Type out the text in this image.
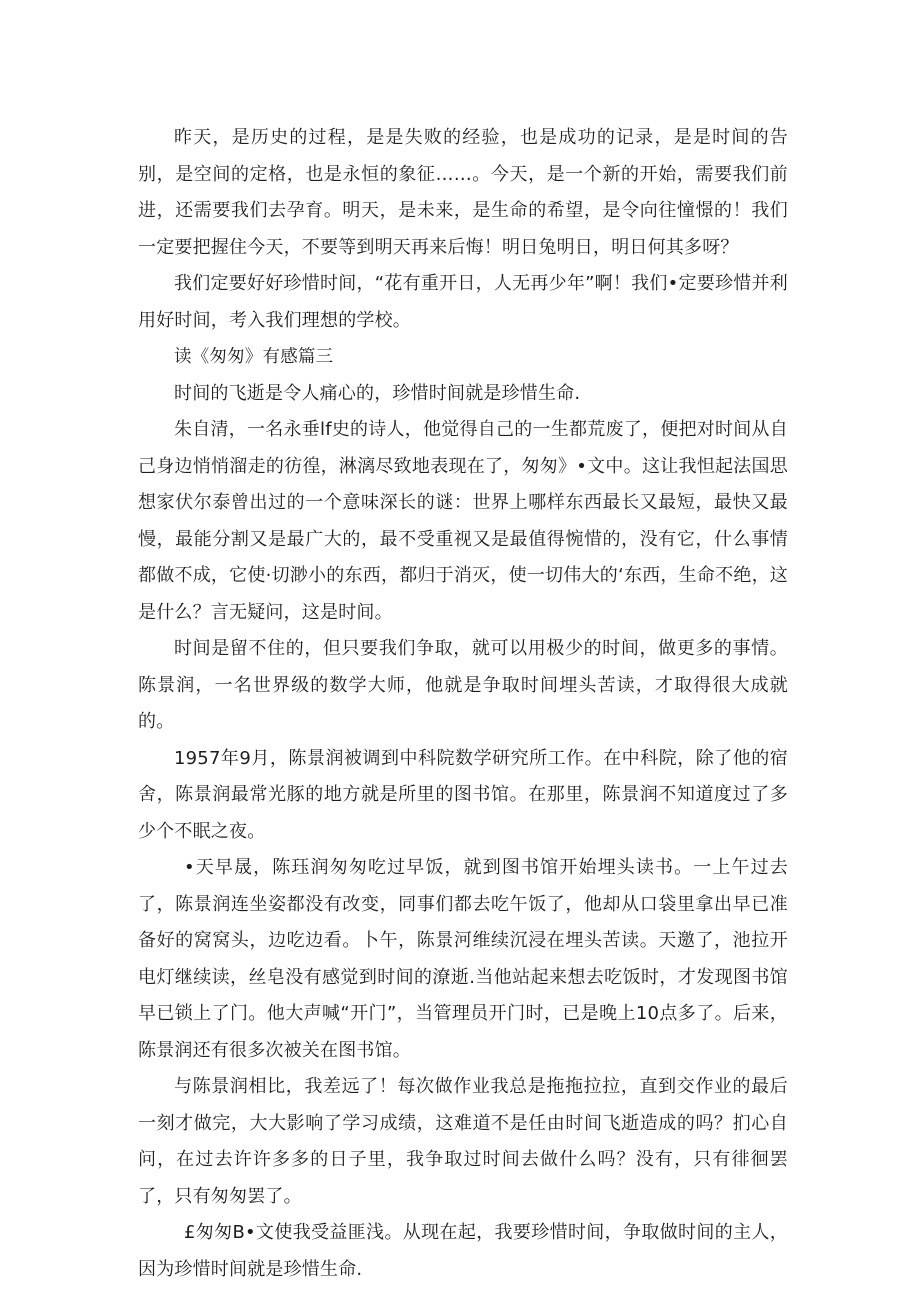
昨天，是历史的过程，是是失败的经验，也是成功的记录，是是时间的告别，是空间的定格，也是永恒的象征……。今天，是一个新的开始，需要我们前进，还需要我们去孕育。明天，是未来，是生命的希望，是令向往憧憬的！我们一定要把握住今天，不要等到明天再来后悔！明日兔明日，明日何其多呀？

我们定要好好珍惜时间，“花有重开日，人无再少年”啊！我们•定要珍惜并利用好时间，考入我们理想的学校。

读《匆匆》有感篇三

时间的飞逝是令人痛心的，珍惜时间就是珍惜生命.

朱自清，一名永垂lf史的诗人，他觉得自己的一生都荒废了，便把对时间从自己身边悄悄溜走的彷徨，淋漓尽致地表现在了，匆匆》•文中。这让我怛起法国思想家伏尔泰曾出过的一个意味深长的谜：世界上哪样东西最长又最短，最快又最慢，最能分割又是最广大的，最不受重视又是最值得惋惜的，没有它，什么事情都做不成，它使·切渺小的东西，都归于消灭，使一切伟大的‘东西，生命不绝，这是什么？言无疑问，这是时间。

时间是留不住的，但只要我们争取，就可以用极少的时间，做更多的事情。陈景润，一名世界级的数学大师，他就是争取时间埋头苦读，才取得很大成就的。

1957年9月，陈景润被调到中科院数学研究所工作。在中科院，除了他的宿舍，陈景润最常光豚的地方就是所里的图书馆。在那里，陈景润不知道度过了多少个不眠之夜。

•天早晟，陈珏润匆匆吃过早饭，就到图书馆开始埋头读书。一上午过去了，陈景润连坐姿都没有改变，同事们都去吃午饭了，他却从口袋里拿出早已准备好的窝窝头，边吃边看。卜午，陈景河维续沉浸在埋头苦读。天邀了，池拉开电灯继续读，丝皂没有感觉到时间的潦逝.当他站起来想去吃饭时，才发现图书馆早已锁上了门。他大声喊“开门”，当管理员开门时，已是晚上10点多了。后来，陈景润还有很多次被关在图书馆。

与陈景润相比，我差远了！每次做作业我总是拖拖拉拉，直到交作业的最后一刻才做完，大大影响了学习成绩，这难道不是任由时间飞逝造成的吗？扪心自问，在过去许许多多的日子里，我争取过时间去做什么吗？没有，只有徘徊罢了，只有匆匆罢了。

£匆匆B•文使我受益匪浅。从现在起，我要珍惜时间，争取做时间的主人，因为珍惜时间就是珍惜生命.
